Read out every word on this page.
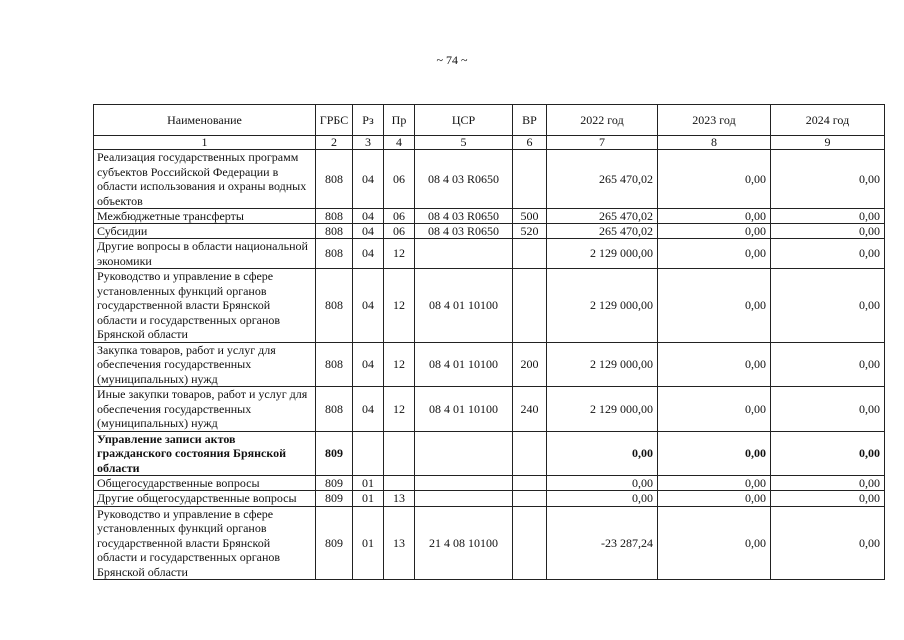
~ 74 ~
Наименование	ГРБС	Рз	Пр	ЦСР	ВР	2022 год	2023 год	2024 год
1	2	3	4	5	6	7	8	9
Реализация государственных программ субъектов Российской Федерации в области использования и охраны водных объектов	808	04	06	08 4 03 R0650		265 470,02	0,00	0,00
Межбюджетные трансферты	808	04	06	08 4 03 R0650	500	265 470,02	0,00	0,00
Субсидии	808	04	06	08 4 03 R0650	520	265 470,02	0,00	0,00
Другие вопросы в области национальной экономики	808	04	12			2 129 000,00	0,00	0,00
Руководство и управление в сфере установленных функций органов государственной власти Брянской области и государственных органов Брянской области	808	04	12	08 4 01 10100		2 129 000,00	0,00	0,00
Закупка товаров, работ и услуг для обеспечения государственных (муниципальных) нужд	808	04	12	08 4 01 10100	200	2 129 000,00	0,00	0,00
Иные закупки товаров, работ и услуг для обеспечения государственных (муниципальных) нужд	808	04	12	08 4 01 10100	240	2 129 000,00	0,00	0,00
Управление записи актов гражданского состояния Брянской области	809					0,00	0,00	0,00
Общегосударственные вопросы	809	01				0,00	0,00	0,00
Другие общегосударственные вопросы	809	01	13			0,00	0,00	0,00
Руководство и управление в сфере установленных функций органов государственной власти Брянской области и государственных органов Брянской области	809	01	13	21 4 08 10100		-23 287,24	0,00	0,00
